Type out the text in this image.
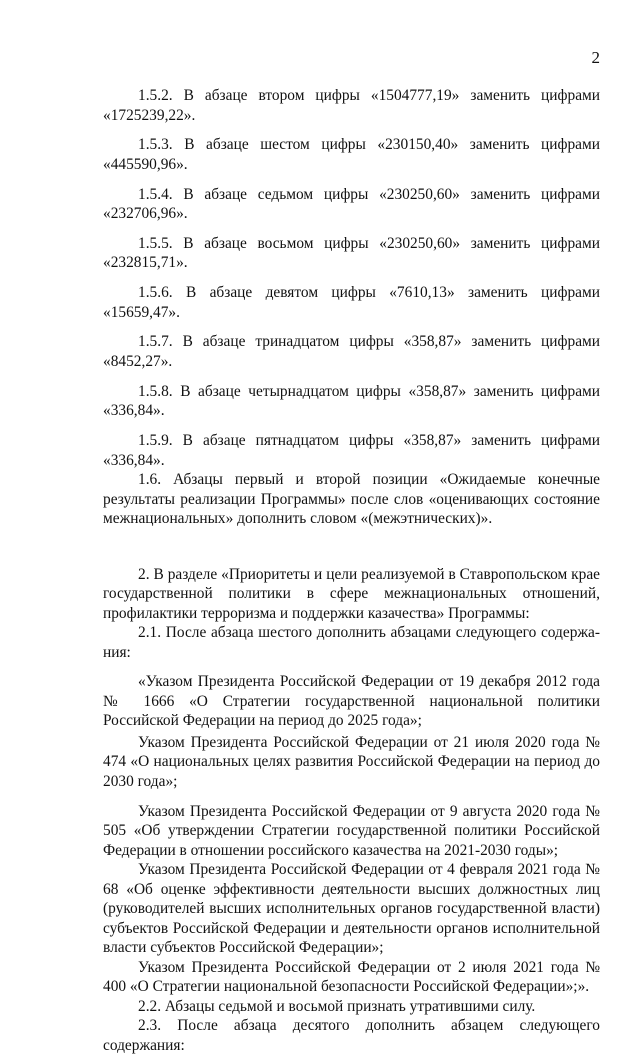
2

1.5.2. В абзаце втором цифры «1504777,19» заменить цифрами «1725239,22».

1.5.3. В абзаце шестом цифры «230150,40» заменить цифрами «445590,96».

1.5.4. В абзаце седьмом цифры «230250,60» заменить цифрами «232706,96».

1.5.5. В абзаце восьмом цифры «230250,60» заменить цифрами «232815,71».

1.5.6. В абзаце девятом цифры «7610,13» заменить цифрами «15659,47».

1.5.7. В абзаце тринадцатом цифры «358,87» заменить цифрами «8452,27».

1.5.8. В абзаце четырнадцатом цифры «358,87» заменить цифрами «336,84».

1.5.9. В абзаце пятнадцатом цифры «358,87» заменить цифрами «336,84».

1.6. Абзацы первый и второй позиции «Ожидаемые конечные результаты реализации Программы» после слов «оценивающих состояние межнациональных» дополнить словом «(межэтнических)».

2. В разделе «Приоритеты и цели реализуемой в Ставропольском крае государственной политики в сфере межнациональных отношений, профилактики терроризма и поддержки казачества» Программы:

2.1. После абзаца шестого дополнить абзацами следующего содержания:

«Указом Президента Российской Федерации от 19 декабря 2012 года № 1666 «О Стратегии государственной национальной политики Российской Федерации на период до 2025 года»;

Указом Президента Российской Федерации от 21 июля 2020 года № 474 «О национальных целях развития Российской Федерации на период до 2030 года»;

Указом Президента Российской Федерации от 9 августа 2020 года № 505 «Об утверждении Стратегии государственной политики Российской Федерации в отношении российского казачества на 2021-2030 годы»;

Указом Президента Российской Федерации от 4 февраля 2021 года № 68 «Об оценке эффективности деятельности высших должностных лиц (руководителей высших исполнительных органов государственной власти) субъектов Российской Федерации и деятельности органов исполнительной власти субъектов Российской Федерации»;

Указом Президента Российской Федерации от 2 июля 2021 года № 400 «О Стратегии национальной безопасности Российской Федерации»;».

2.2. Абзацы седьмой и восьмой признать утратившими силу.

2.3. После абзаца десятого дополнить абзацем следующего содержания:
